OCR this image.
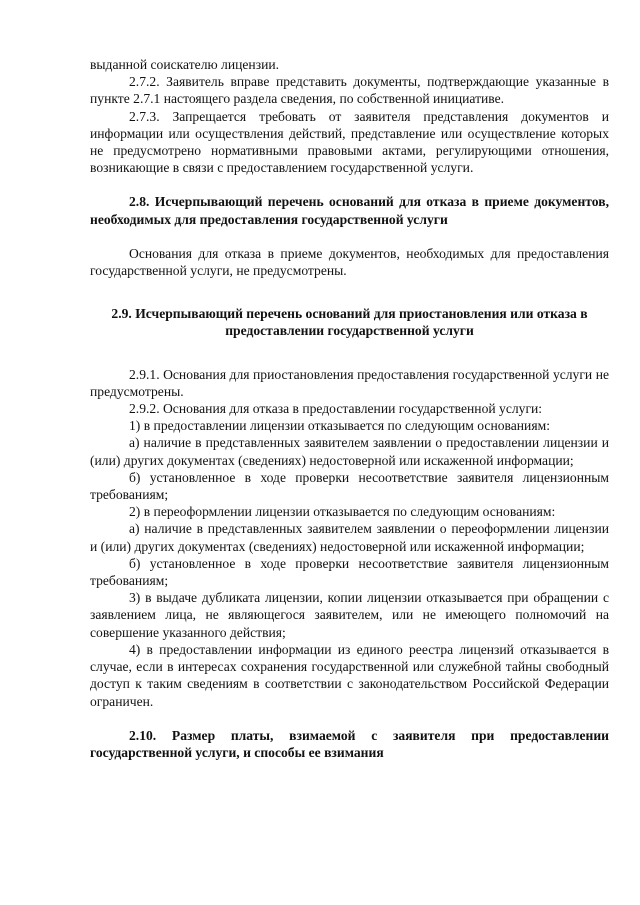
выданной соискателю лицензии.

2.7.2. Заявитель вправе представить документы, подтверждающие указанные в пункте 2.7.1 настоящего раздела сведения, по собственной инициативе.

2.7.3. Запрещается требовать от заявителя представления документов и информации или осуществления действий, представление или осуществление которых не предусмотрено нормативными правовыми актами, регулирующими отношения, возникающие в связи с предоставлением государственной услуги.

2.8. Исчерпывающий перечень оснований для отказа в приеме документов, необходимых для предоставления государственной услуги

Основания для отказа в приеме документов, необходимых для предоставления государственной услуги, не предусмотрены.

2.9. Исчерпывающий перечень оснований для приостановления или отказа в предоставлении государственной услуги

2.9.1. Основания для приостановления предоставления государственной услуги не предусмотрены.

2.9.2. Основания для отказа в предоставлении государственной услуги:

1) в предоставлении лицензии отказывается по следующим основаниям:

а) наличие в представленных заявителем заявлении о предоставлении лицензии и (или) других документах (сведениях) недостоверной или искаженной информации;

б) установленное в ходе проверки несоответствие заявителя лицензионным требованиям;

2) в переоформлении лицензии отказывается по следующим основаниям:

а) наличие в представленных заявителем заявлении о переоформлении лицензии и (или) других документах (сведениях) недостоверной или искаженной информации;

б) установленное в ходе проверки несоответствие заявителя лицензионным требованиям;

3) в выдаче дубликата лицензии, копии лицензии отказывается при обращении с заявлением лица, не являющегося заявителем, или не имеющего полномочий на совершение указанного действия;

4) в предоставлении информации из единого реестра лицензий отказывается в случае, если в интересах сохранения государственной или служебной тайны свободный доступ к таким сведениям в соответствии с законодательством Российской Федерации ограничен.

2.10. Размер платы, взимаемой с заявителя при предоставлении государственной услуги, и способы ее взимания
